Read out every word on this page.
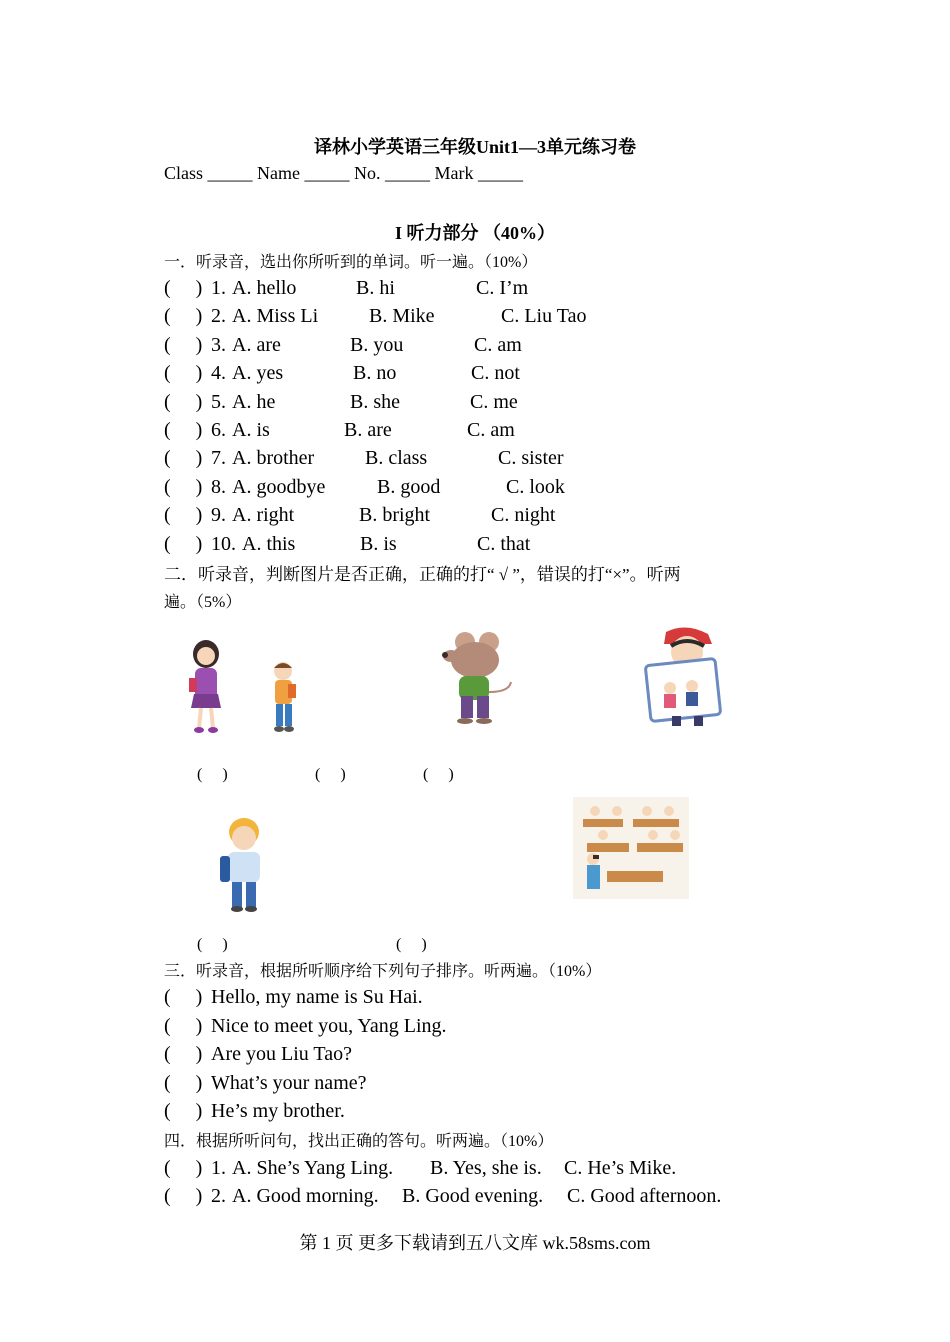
译林小学英语三年级Unit1—3单元练习卷
Class _____ Name _____ No. _____ Mark _____
I 听力部分 （40%）
一．听录音，选出你所听到的单词。听一遍。（10%）
(　 ) 1. A. hello	B. hi	C. I’m
(　 ) 2. A. Miss Li	B. Mike	C. Liu Tao
(　 ) 3. A. are	B. you	C. am
(　 ) 4. A. yes	B. no	C. not
(　 ) 5. A. he	B. she	C. me
(　 ) 6. A. is	B. are	C. am
(　 ) 7. A. brother	B. class	C. sister
(　 ) 8. A. goodbye	B. good	C. look
(　 ) 9. A. right	B. bright	C. night
(　 ) 10. A. this	B. is	C. that
二．听录音，判断图片是否正确，正确的打“ √ ”，错误的打“×”。听两
遍。（5%）
(　 )	(　 )	(　 )
(　 )	(　 )
三．听录音，根据所听顺序给下列句子排序。听两遍。（10%）
(　 ) Hello, my name is Su Hai.
(　 ) Nice to meet you, Yang Ling.
(　 ) Are you Liu Tao?
(　 ) What’s your name?
(　 ) He’s my brother.
四．根据所听问句，找出正确的答句。听两遍。（10%）
(　 ) 1. A. She’s Yang Ling. B. Yes, she is. C. He’s Mike.
(　 ) 2. A. Good morning. B. Good evening. C. Good afternoon.
第 1 页 更多下载请到五八文库 wk.58sms.com
